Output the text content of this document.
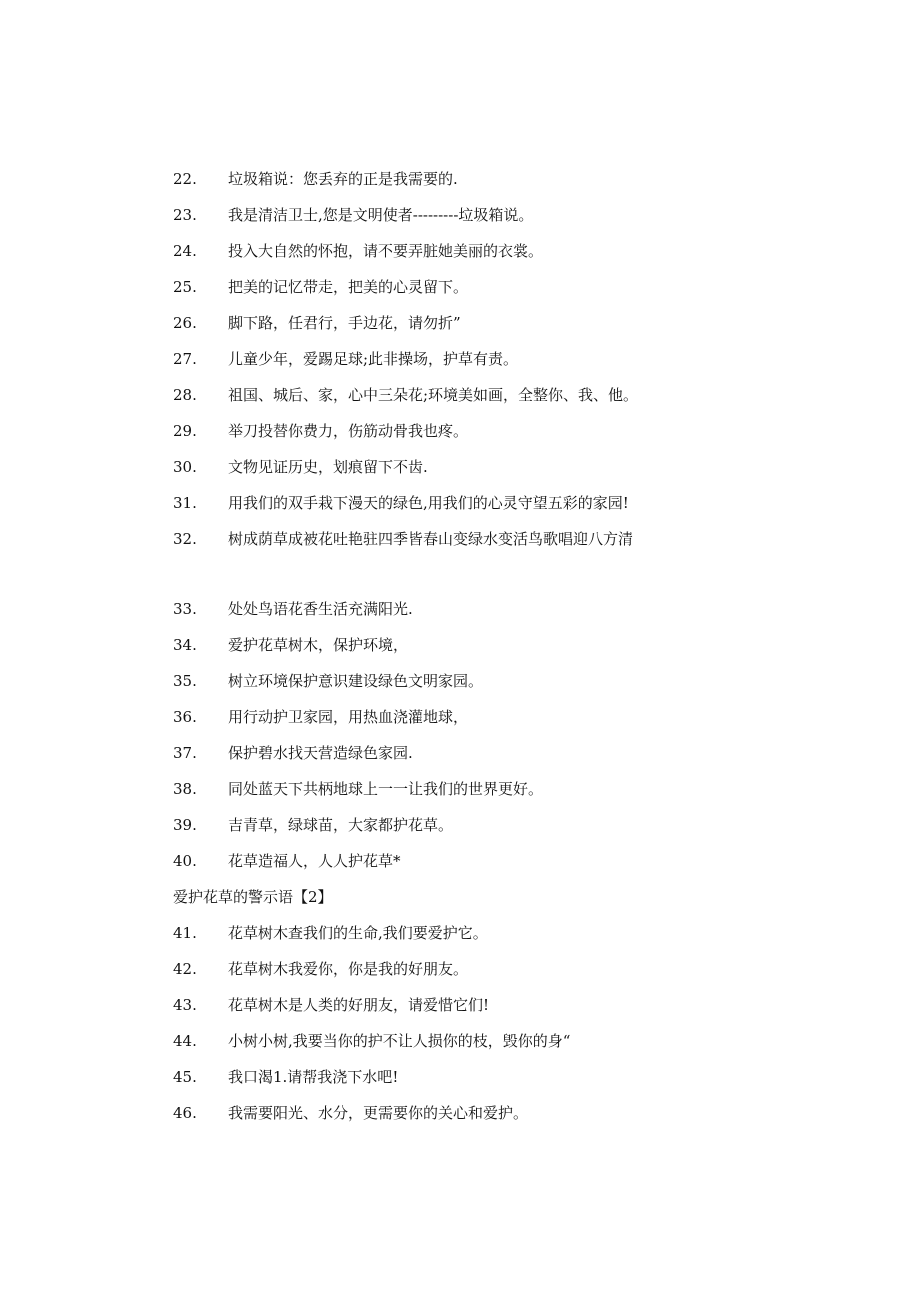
22. 垃圾箱说：您丢弃的正是我需要的.
23. 我是清洁卫士,您是文明使者---------垃圾箱说。
24. 投入大自然的怀抱，请不要弄脏她美丽的衣裳。
25. 把美的记忆带走，把美的心灵留下。
26. 脚下路，任君行，手边花，请勿折”
27. 儿童少年，爱踢足球;此非操场，护草有责。
28. 祖国、城后、家，心中三朵花;环境美如画，全整你、我、他。
29. 举刀投替你费力，伤筋动骨我也疼。
30. 文物见证历史，划痕留下不齿.
31. 用我们的双手栽下漫天的绿色,用我们的心灵守望五彩的家园!
32. 树成荫草成被花吐艳驻四季皆春山变绿水变活鸟歌唱迎八方清
33. 处处鸟语花香生活充满阳光.
34. 爱护花草树木，保护环境，
35. 树立环境保护意识建设绿色文明家园。
36. 用行动护卫家园，用热血浇灌地球，
37. 保护碧水找天营造绿色家园.
38. 同处蓝天下共柄地球上一一让我们的世界更好。
39. 吉青草，绿球苗，大家都护花草。
40. 花草造福人，人人护花草*
爱护花草的警示语【2】
41. 花草树木查我们的生命,我们要爱护它。
42. 花草树木我爱你，你是我的好朋友。
43. 花草树木是人类的好朋友，请爱惜它们!
44. 小树小树,我要当你的护不让人损你的枝，毁你的身“
45. 我口渴1.请帮我浇下水吧!
46. 我需要阳光、水分，更需要你的关心和爱护。
